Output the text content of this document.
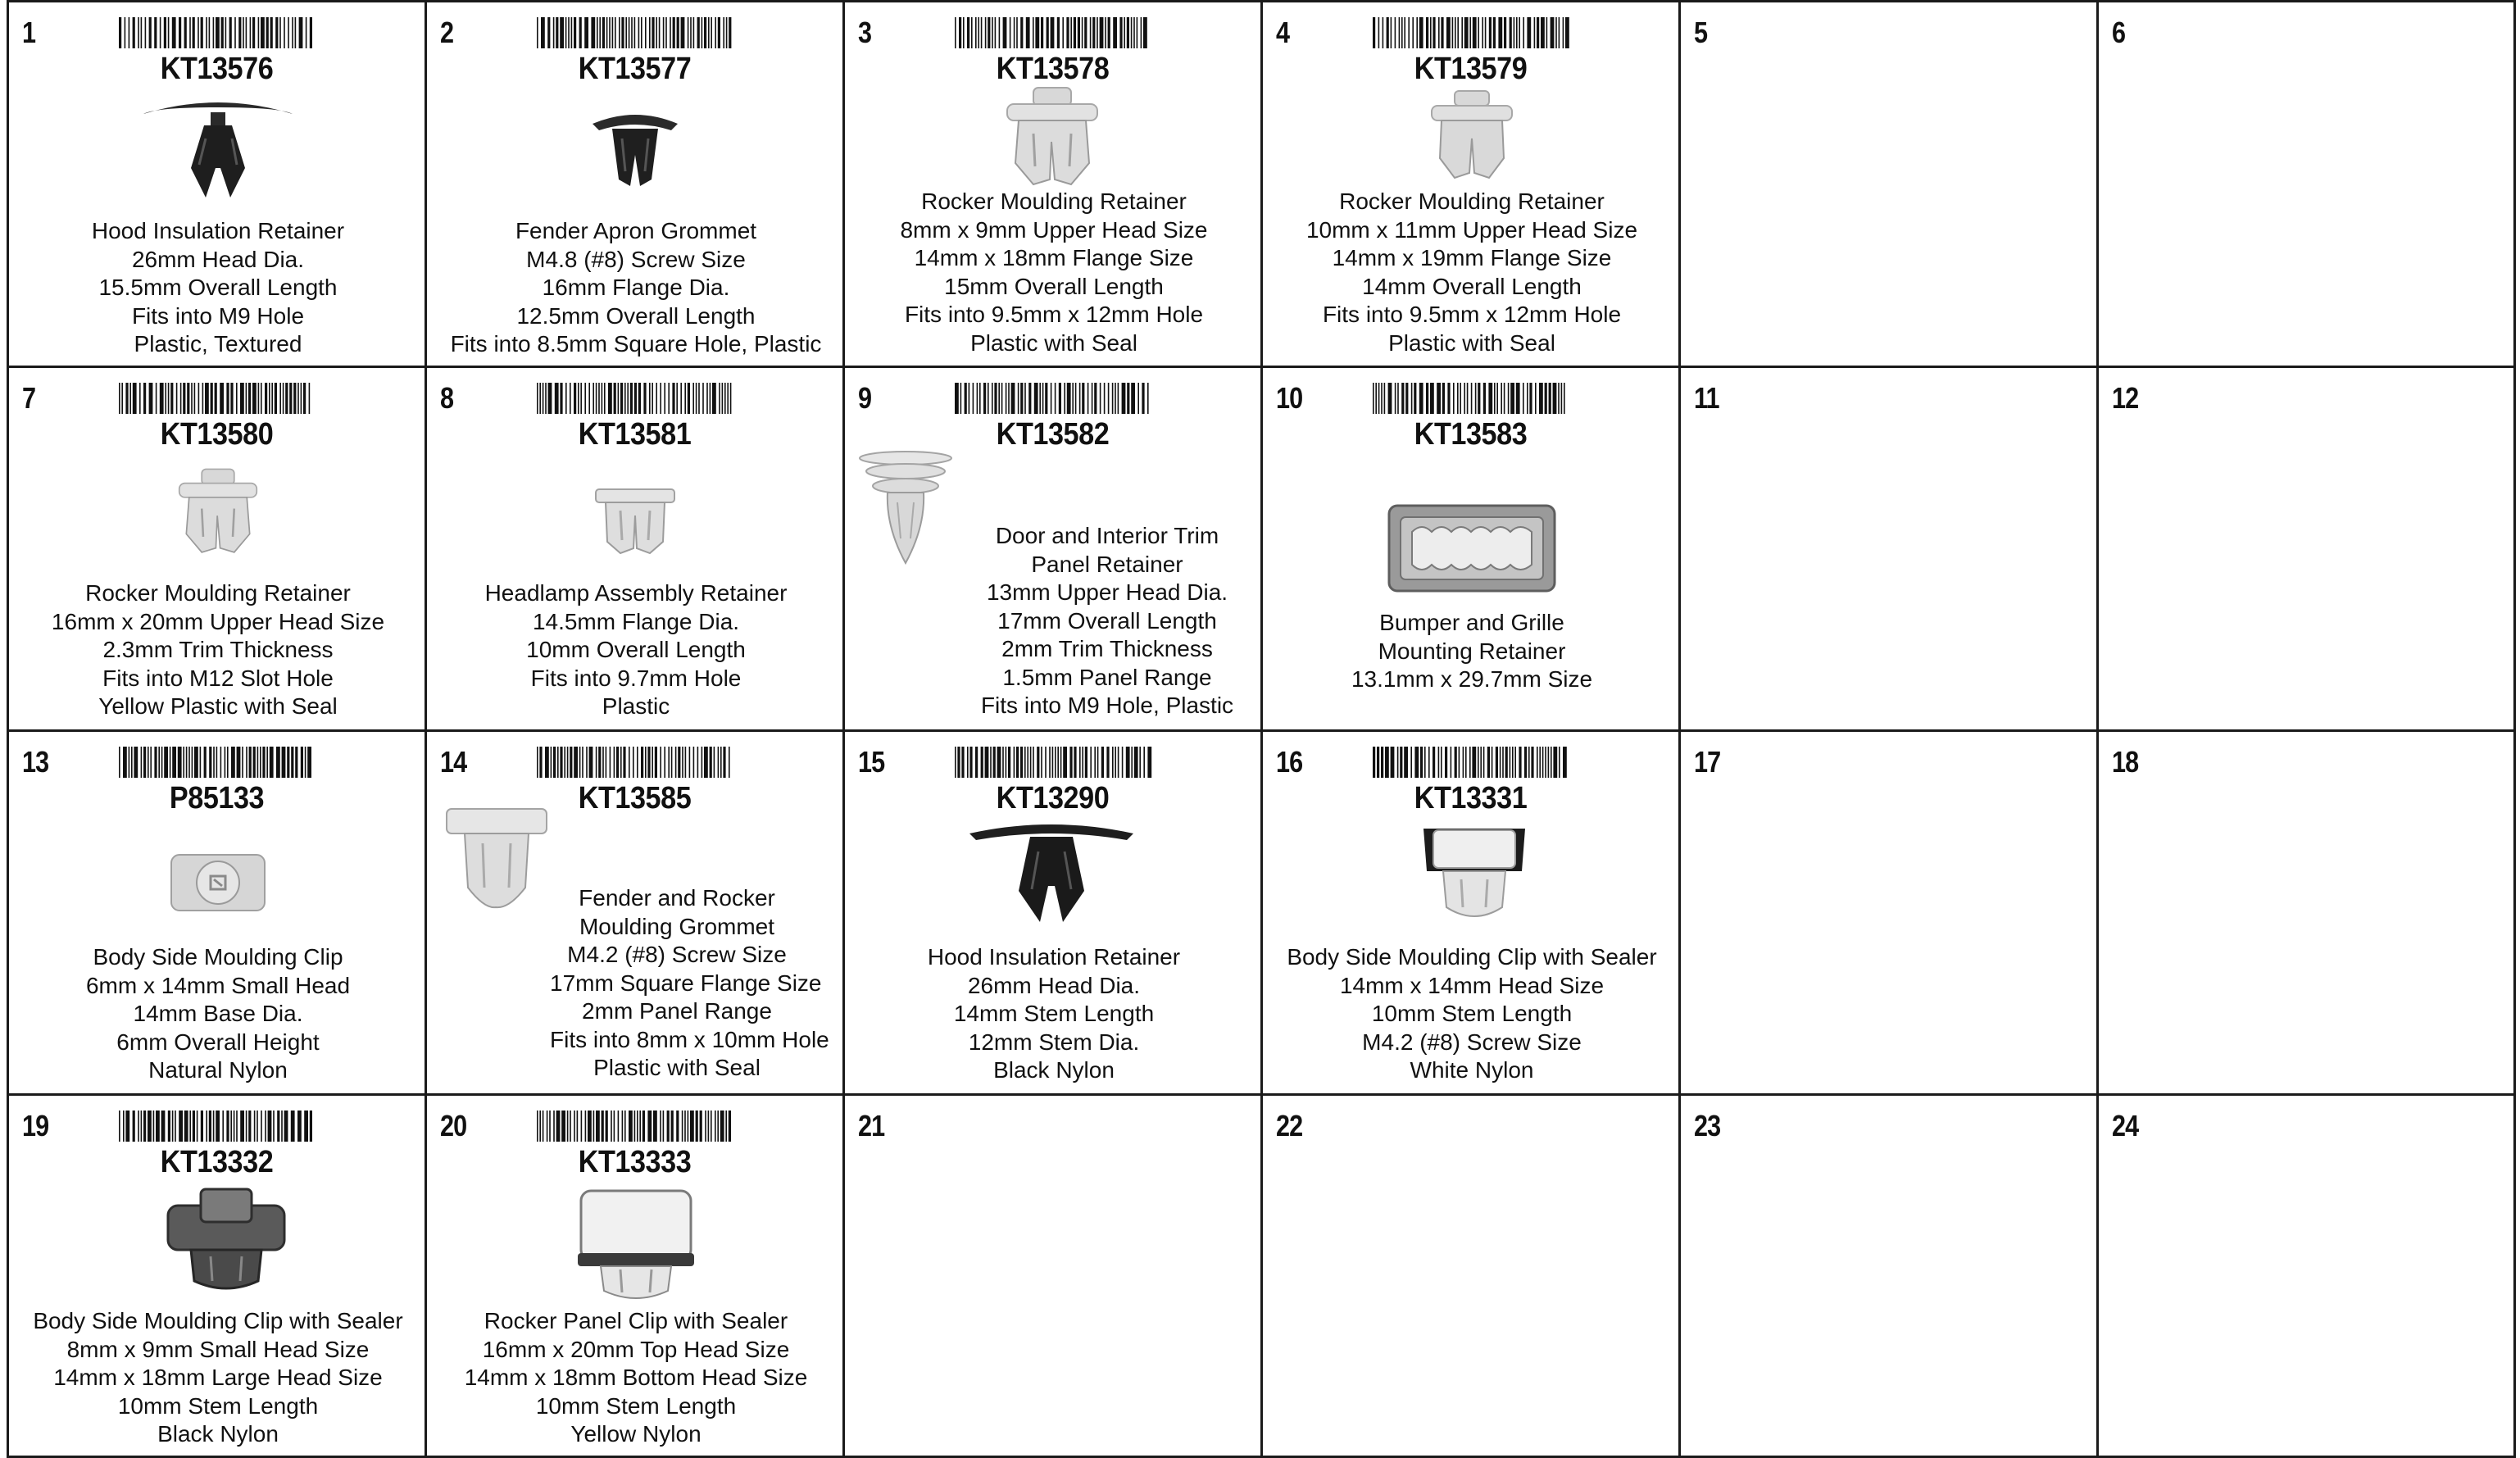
1
KT13576
Hood Insulation Retainer
26mm Head Dia.
15.5mm Overall Length
Fits into M9 Hole
Plastic, Textured
2
KT13577
Fender Apron Grommet
M4.8 (#8) Screw Size
16mm Flange Dia.
12.5mm Overall Length
Fits into 8.5mm Square Hole, Plastic
3
KT13578
Rocker Moulding Retainer
8mm x 9mm Upper Head Size
14mm x 18mm Flange Size
15mm Overall Length
Fits into 9.5mm x 12mm Hole
Plastic with Seal
4
KT13579
Rocker Moulding Retainer
10mm x 11mm Upper Head Size
14mm x 19mm Flange Size
14mm Overall Length
Fits into 9.5mm x 12mm Hole
Plastic with Seal
5	6
7
KT13580
Rocker Moulding Retainer
16mm x 20mm Upper Head Size
2.3mm Trim Thickness
Fits into M12 Slot Hole
Yellow Plastic with Seal
8
KT13581
Headlamp Assembly Retainer
14.5mm Flange Dia.
10mm Overall Length
Fits into 9.7mm Hole
Plastic
9
KT13582
Door and Interior Trim
Panel Retainer
13mm Upper Head Dia.
17mm Overall Length
2mm Trim Thickness
1.5mm Panel Range
Fits into M9 Hole, Plastic
10
KT13583
Bumper and Grille
Mounting Retainer
13.1mm x 29.7mm Size
11	12
13
P85133
Body Side Moulding Clip
6mm x 14mm Small Head
14mm Base Dia.
6mm Overall Height
Natural Nylon
14
KT13585
Fender and Rocker
Moulding Grommet
M4.2 (#8) Screw Size
17mm Square Flange Size
2mm Panel Range
Fits into 8mm x 10mm Hole
Plastic with Seal
15
KT13290
Hood Insulation Retainer
26mm Head Dia.
14mm Stem Length
12mm Stem Dia.
Black Nylon
16
KT13331
Body Side Moulding Clip with Sealer
14mm x 14mm Head Size
10mm Stem Length
M4.2 (#8) Screw Size
White Nylon
17	18
19
KT13332
Body Side Moulding Clip with Sealer
8mm x 9mm Small Head Size
14mm x 18mm Large Head Size
10mm Stem Length
Black Nylon
20
KT13333
Rocker Panel Clip with Sealer
16mm x 20mm Top Head Size
14mm x 18mm Bottom Head Size
10mm Stem Length
Yellow Nylon
21	22	23	24
